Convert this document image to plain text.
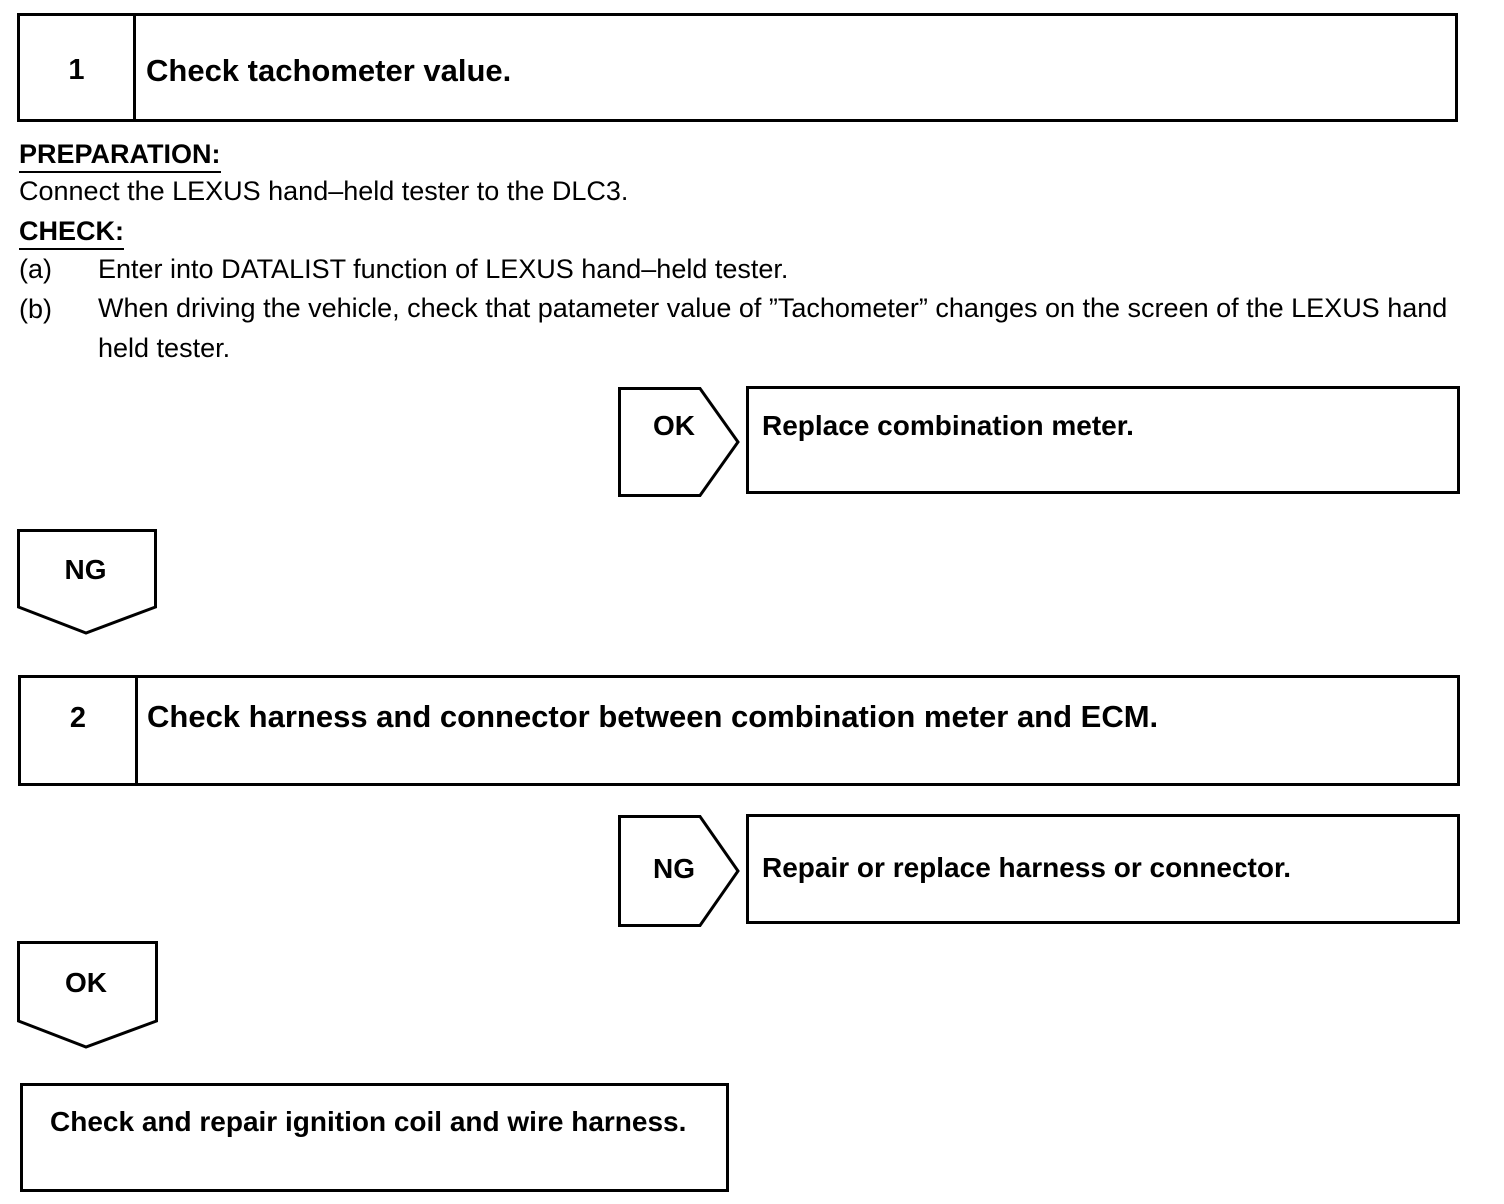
1	Check tachometer value.
PREPARATION:
Connect the LEXUS hand–held tester to the DLC3.
CHECK:
(a) Enter into DATALIST function of LEXUS hand–held tester.
(b) When driving the vehicle, check that patameter value of ”Tachometer” changes on the screen of the LEXUS hand held tester.
OK	Replace combination meter.
NG
2	Check harness and connector between combination meter and ECM.
NG	Repair or replace harness or connector.
OK
Check and repair ignition coil and wire harness.
